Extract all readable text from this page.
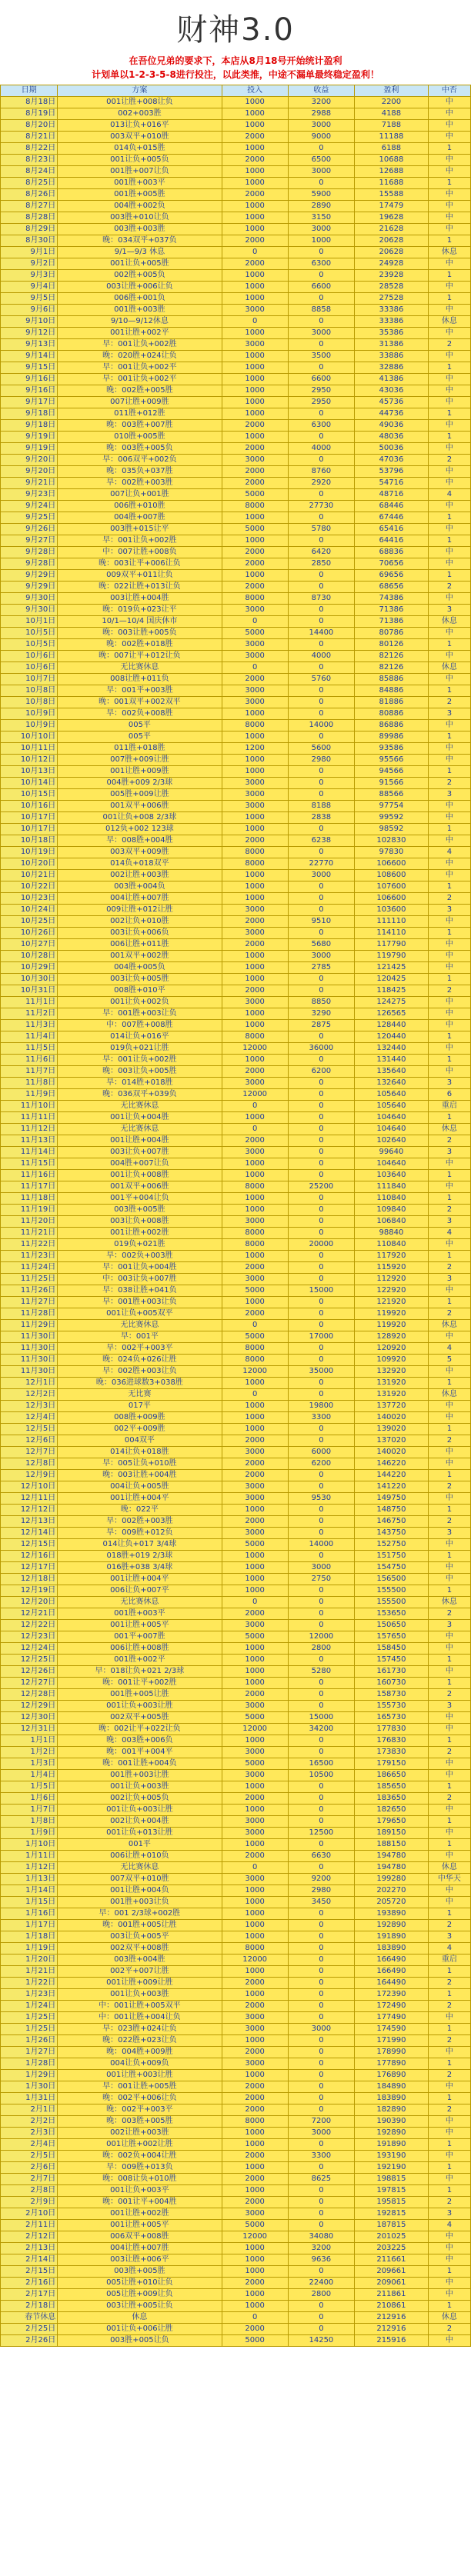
财神3.0
在吾位兄弟的要求下，本店从8月18号开始统计盈利
计划单以1-2-3-5-8进行投注，以此类推，中途不漏单最终稳定盈利！
日期	方案	投入	收益	盈利	中否
8月18日	001让胜+008让负	1000	3200	2200	中
8月19日	002+003胜	1000	2988	4188	中
8月20日	013让负+016平	1000	3000	7188	中
8月21日	003双平+010胜	2000	9000	11188	中
8月22日	014负+015胜	1000	0	6188	1
8月23日	001让负+005负	2000	6500	10688	中
8月24日	001胜+007让负	1000	3000	12688	中
8月25日	001胜+003平	1000	0	11688	1
8月26日	001胜+005胜	2000	5900	15588	中
8月27日	004胜+002负	1000	2890	17479	中
8月28日	003胜+010让负	1000	3150	19628	中
8月29日	003胜+003胜	1000	3000	21628	中
8月30日	晚：034双平+037负	2000	1000	20628	1
9月1日	9/1—9/3 休息	0	0	20628	休息
9月2日	001让负+005胜	2000	6300	24928	中
9月3日	002胜+005负	1000	0	23928	1
9月4日	003让胜+006让负	1000	6600	28528	中
9月5日	006胜+001负	1000	0	27528	1
9月6日	001胜+003胜	3000	8858	33386	中
9月10日	9/10—9/12休息	0	0	33386	休息
9月12日	001让胜+002平	1000	3000	35386	中
9月13日	早：001让负+002胜	3000	0	31386	2
9月14日	晚：020胜+024让负	1000	3500	33886	中
9月15日	早：001让负+002平	1000	0	32886	1
9月16日	早：001让负+002平	1000	6600	41386	中
9月16日	晚：002胜+005胜	1000	2950	43036	中
9月17日	007让胜+009胜	1000	2950	45736	中
9月18日	011胜+012胜	1000	0	44736	1
9月18日	晚：003胜+007胜	2000	6300	49036	中
9月19日	010胜+005胜	1000	0	48036	1
9月19日	晚：003胜+005负	2000	4000	50036	中
9月20日	早：006双平+002负	3000	0	47036	2
9月20日	晚：035负+037胜	2000	8760	53796	中
9月21日	早：002胜+003胜	2000	2920	54716	中
9月23日	007让负+001胜	5000	0	48716	4
9月24日	006胜+010胜	8000	27730	68446	中
9月25日	004胜+007胜	1000	0	67446	1
9月26日	003胜+015让平	5000	5780	65416	中
9月27日	早：001让负+002胜	1000	0	64416	1
9月28日	中：007让胜+008负	2000	6420	68836	中
9月28日	晚：003让平+006让负	2000	2850	70656	中
9月29日	009双平+011让负	1000	0	69656	1
9月29日	晚：022让胜+013让负	2000	0	68656	2
9月30日	003让胜+004胜	8000	8730	74386	中
9月30日	晚：019负+023让平	3000	0	71386	3
10月1日	10/1—10/4 国庆休市	0	0	71386	休息
10月5日	晚：003让胜+005负	5000	14400	80786	中
10月5日	晚：002胜+018胜	3000	0	80126	1
10月6日	晚：007让平+012让负	3000	4000	82126	中
10月6日	无比赛休息	0	0	82126	休息
10月7日	008让胜+011负	2000	5760	85886	中
10月8日	早：001平+003胜	3000	0	84886	1
10月8日	晚：001双平+002双平	3000	0	81886	2
10月9日	早：002负+008胜	1000	0	80886	3
10月9日	005平	8000	14000	86886	中
10月10日	005平	1000	0	89986	1
10月11日	011胜+018胜	1200	5600	93586	中
10月12日	007胜+009让胜	1000	2980	95566	中
10月13日	001让胜+009胜	1000	0	94566	1
10月14日	004胜+009 2/3球	3000	0	91566	2
10月15日	005胜+009让胜	3000	0	88566	3
10月16日	001双平+006胜	3000	8188	97754	中
10月17日	001让负+008 2/3球	1000	2838	99592	中
10月17日	012负+002 123球	1000	0	98592	1
10月18日	早：008胜+004胜	2000	6238	102830	中
10月19日	003双平+009胜	8000	0	97830	4
10月20日	014负+018双平	8000	22770	106600	中
10月21日	002让胜+003胜	1000	3000	108600	中
10月22日	003胜+004负	1000	0	107600	1
10月23日	004让胜+007胜	1000	0	106600	2
10月24日	009让胜+012让胜	3000	0	103600	3
10月25日	002让负+010胜	2000	9510	111110	中
10月26日	003让负+006负	3000	0	114110	1
10月27日	006让胜+011胜	2000	5680	117790	中
10月28日	001双平+002胜	1000	3000	119790	中
10月29日	004胜+005负	1000	2785	121425	中
10月30日	003让负+005胜	1000	0	120425	1
10月31日	008胜+010平	2000	0	118425	2
11月1日	001让负+002负	3000	8850	124275	中
11月2日	早：001胜+003让负	1000	3290	126565	中
11月3日	中：007胜+008胜	1000	2875	128440	中
11月4日	014让负+016平	8000	0	120440	1
11月5日	019负+021让胜	12000	36000	132440	中
11月6日	早：001让负+002胜	1000	0	131440	1
11月7日	晚：003让负+005胜	2000	6200	135640	中
11月8日	早：014胜+018胜	3000	0	132640	3
11月9日	晚：036双平+039负	12000	0	105640	6
11月10日	无比赛休息	0	0	105640	重启
11月11日	001让负+004胜	1000	0	104640	1
11月12日	无比赛休息	0	0	104640	休息
11月13日	001让胜+004胜	2000	0	102640	2
11月14日	003让负+007胜	3000	0	99640	3
11月15日	004胜+007让负	1000	0	104640	中
11月16日	001让负+008胜	1000	0	103640	1
11月17日	001双平+006胜	8000	25200	111840	中
11月18日	001平+004让负	1000	0	110840	1
11月19日	003胜+005胜	1000	0	109840	2
11月20日	003让负+008胜	3000	0	106840	3
11月21日	001让胜+002胜	8000	0	98840	4
11月22日	019负+021胜	8000	20000	110840	中
11月23日	早：002负+003胜	1000	0	117920	1
11月24日	早：001让负+004胜	2000	0	115920	2
11月25日	中：003让负+007胜	3000	0	112920	3
11月26日	早：038让胜+041负	5000	15000	122920	中
11月27日	早：001胜+003让负	1000	0	121920	1
11月28日	001让负+005双平	2000	0	119920	2
11月29日	无比赛休息	0	0	119920	休息
11月30日	早：001平	5000	17000	128920	中
11月30日	早：002平+003平	8000	0	120920	4
11月30日	晚：024负+026让胜	8000	0	109920	5
11月30日	早：002胜+003让负	12000	35000	132920	中
12月1日	晚：036进球数3+038胜	1000	0	131920	1
12月2日	无比赛	0	0	131920	休息
12月3日	017平	1000	19800	137720	中
12月4日	008胜+009胜	1000	3300	140020	中
12月5日	002平+009胜	1000	0	139020	1
12月6日	004双平	2000	0	137020	2
12月7日	014让负+018胜	3000	6000	140020	中
12月8日	早：005让负+010胜	2000	6200	146220	中
12月9日	晚：003让胜+004胜	2000	0	144220	1
12月10日	004让负+005胜	3000	0	141220	2
12月11日	001让胜+004平	3000	9530	149750	中
12月12日	晚：022平	1000	0	148750	1
12月13日	早：002胜+003胜	2000	0	146750	2
12月14日	早：009胜+012负	3000	0	143750	3
12月15日	014让负+017 3/4球	5000	14000	152750	中
12月16日	018胜+019 2/3球	1000	0	151750	1
12月17日	016胜+038 3/4球	1000	3000	154750	中
12月18日	001让胜+004平	1000	2750	156500	中
12月19日	006让负+007平	1000	0	155500	1
12月20日	无比赛休息	0	0	155500	休息
12月21日	001胜+003平	2000	0	153650	2
12月22日	001让胜+005平	3000	0	150650	3
12月23日	001平+007胜	5000	12000	157650	中
12月24日	006让胜+008胜	1000	2800	158450	中
12月25日	001胜+002平	1000	0	157450	1
12月26日	早：018让负+021 2/3球	1000	5280	161730	中
12月27日	晚：001让平+002胜	1000	0	160730	1
12月28日	001胜+005让胜	2000	0	158730	2
12月29日	001让负+003让胜	3000	0	155730	3
12月30日	002双平+005胜	5000	15000	165730	中
12月31日	晚：002让平+022让负	12000	34200	177830	中
1月1日	晚：003胜+006负	1000	0	176830	1
1月2日	晚：001平+004平	3000	0	173830	2
1月3日	晚：001让胜+004负	5000	16500	179150	中
1月4日	001胜+003让胜	3000	10500	186650	中
1月5日	001让负+003胜	1000	0	185650	1
1月6日	002让负+005负	2000	0	183650	2
1月7日	001让负+003让胜	1000	0	182650	中
1月8日	002让负+004胜	3000	0	179650	1
1月9日	001让负+013让胜	3000	12500	189150	中
1月10日	001平	1000	0	188150	1
1月11日	006让胜+010负	2000	6630	194780	中
1月12日	无比赛休息	0	0	194780	休息
1月13日	007双平+010胜	3000	9200	199280	中华天
1月14日	001让胜+004负	1000	2980	202270	中
1月15日	001胜+003让负	1000	3450	205720	中
1月16日	早：001 2/3球+002胜	1000	0	193890	1
1月17日	晚：001胜+005让胜	1000	0	192890	2
1月18日	003让负+005平	1000	0	191890	3
1月19日	002双平+008胜	8000	0	183890	4
1月20日	003胜+004胜	12000	0	166490	重启
1月21日	002平+007让胜	1000	0	166490	1
1月22日	001让胜+009让胜	2000	0	164490	2
1月23日	001让负+003胜	1000	0	172390	1
1月24日	中：001让胜+005双平	2000	0	172490	2
1月25日	中：001让胜+004让负	3000	0	177490	中
1月25日	早：023胜+024让负	3000	3000	174590	1
1月26日	晚：022胜+023让负	1000	0	171990	2
1月27日	晚：004胜+009胜	2000	0	178990	中
1月28日	004让负+009负	3000	0	177890	1
1月29日	001让胜+003让胜	1000	0	176890	2
1月30日	早：001让胜+005胜	2000	0	184890	中
1月31日	晚：002平+006让负	2000	0	183890	1
2月1日	晚：002平+003平	2000	0	182890	2
2月2日	晚：003胜+005胜	8000	7200	190390	中
2月3日	002让胜+003胜	1000	3000	192890	中
2月4日	001让胜+002让胜	1000	0	191890	1
2月5日	晚：002负+004让胜	2000	3300	193190	中
2月6日	早：009胜+013负	1000	0	192190	1
2月7日	晚：008让负+010胜	2000	8625	198815	中
2月8日	001让负+003平	1000	0	197815	1
2月9日	晚：001让平+004胜	2000	0	195815	2
2月10日	001让胜+002胜	3000	0	192815	3
2月11日	001让胜+005平	5000	0	187815	4
2月12日	006双平+008胜	12000	34080	201025	中
2月13日	004让胜+007胜	1000	3200	203225	中
2月14日	003让胜+006平	1000	9636	211661	中
2月15日	003胜+005胜	1000	0	209661	1
2月16日	005让胜+010让负	2000	22400	209061	中
2月17日	005让胜+009让负	1000	2800	211861	中
2月18日	003让胜+005让负	1000	0	210861	1
春节休息	休息	0	0	212916	休息
2月25日	001让负+006让胜	2000	0	212916	2
2月26日	003胜+005让负	5000	14250	215916	中
